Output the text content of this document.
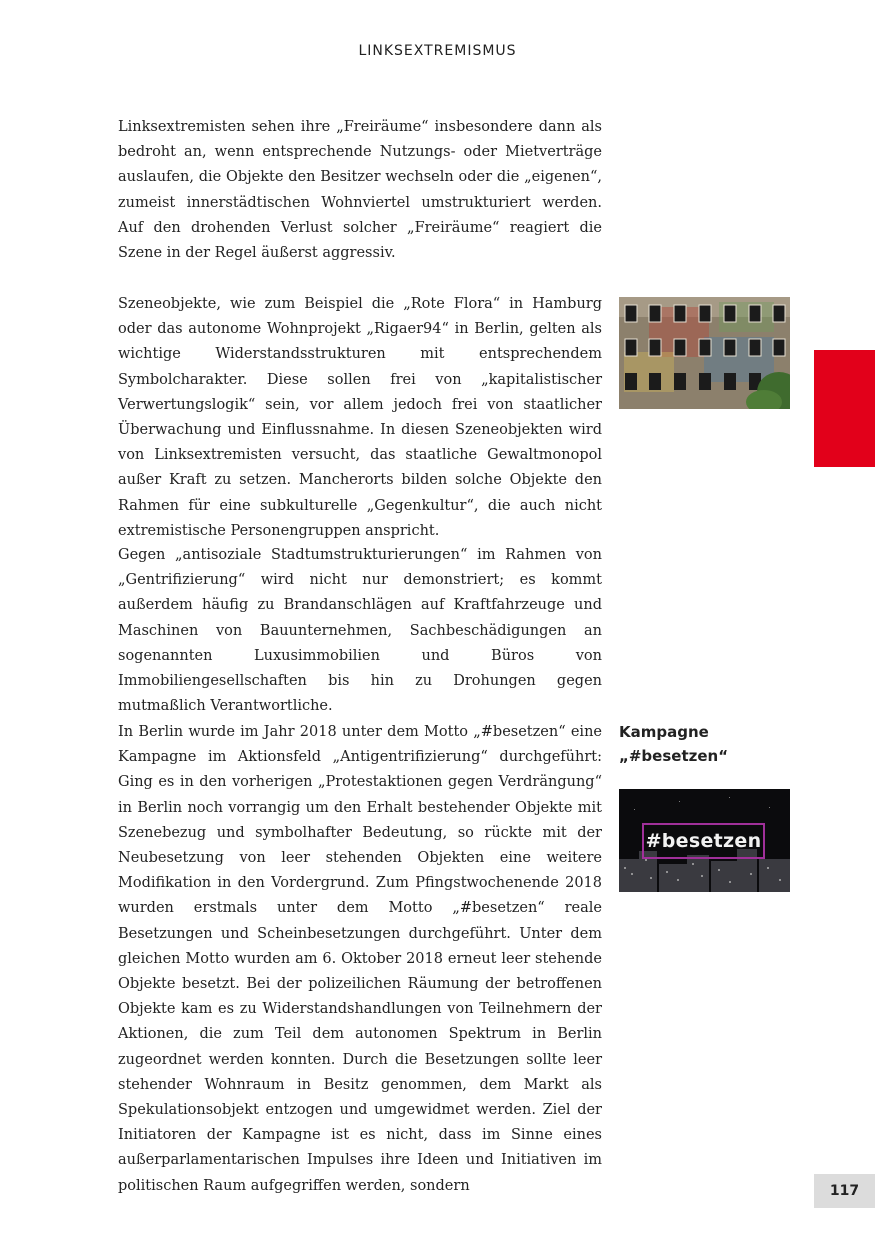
LINKSEXTREMISMUS

Linksextremisten sehen ihre „Freiräume“ insbesondere dann als bedroht an, wenn entsprechende Nutzungs- oder Mietverträge auslaufen, die Objekte den Besitzer wechseln oder die „eigenen“, zumeist innerstädtischen Wohnviertel umstrukturiert werden. Auf den drohenden Verlust solcher „Freiräume“ reagiert die Szene in der Regel äußerst aggressiv.

Szeneobjekte, wie zum Beispiel die „Rote Flora“ in Hamburg oder das autonome Wohnprojekt „Rigaer94“ in Berlin, gelten als wichtige Widerstandsstrukturen mit entsprechendem Symbolcharakter. Diese sollen frei von „kapitalistischer Verwertungslogik“ sein, vor allem jedoch frei von staatlicher Überwachung und Einflussnahme. In diesen Szeneobjekten wird von Linksextremisten versucht, das staatliche Gewaltmonopol außer Kraft zu setzen. Mancherorts bilden solche Objekte den Rahmen für eine subkulturelle „Gegenkultur“, die auch nicht extremistische Personengruppen anspricht.

Gegen „antisoziale Stadtumstrukturierungen“ im Rahmen von „Gentrifizierung“ wird nicht nur demonstriert; es kommt außerdem häufig zu Brandanschlägen auf Kraftfahrzeuge und Maschinen von Bauunternehmen, Sachbeschädigungen an sogenannten Luxusimmobilien und Büros von Immobiliengesellschaften bis hin zu Drohungen gegen mutmaßlich Verantwortliche.

In Berlin wurde im Jahr 2018 unter dem Motto „#besetzen“ eine Kampagne im Aktionsfeld „Antigentrifizierung“ durchgeführt: Ging es in den vorherigen „Protestaktionen gegen Verdrängung“ in Berlin noch vorrangig um den Erhalt bestehender Objekte mit Szenebezug und symbolhafter Bedeutung, so rückte mit der Neubesetzung von leer stehenden Objekten eine weitere Modifikation in den Vordergrund. Zum Pfingstwochenende 2018 wurden erstmals unter dem Motto „#besetzen“ reale Besetzungen und Scheinbesetzungen durchgeführt. Unter dem gleichen Motto wurden am 6. Oktober 2018 erneut leer stehende Objekte besetzt. Bei der polizeilichen Räumung der betroffenen Objekte kam es zu Widerstandshandlungen von Teilnehmern der Aktionen, die zum Teil dem autonomen Spektrum in Berlin zugeordnet werden konnten. Durch die Besetzungen sollte leer stehender Wohnraum in Besitz genommen, dem Markt als Spekulationsobjekt entzogen und umgewidmet werden. Ziel der Initiatoren der Kampagne ist es nicht, dass im Sinne eines außerparlamentarischen Impulses ihre Ideen und Initiativen im politischen Raum aufgegriffen werden, sondern

Kampagne
„#besetzen“
#besetzen
117
